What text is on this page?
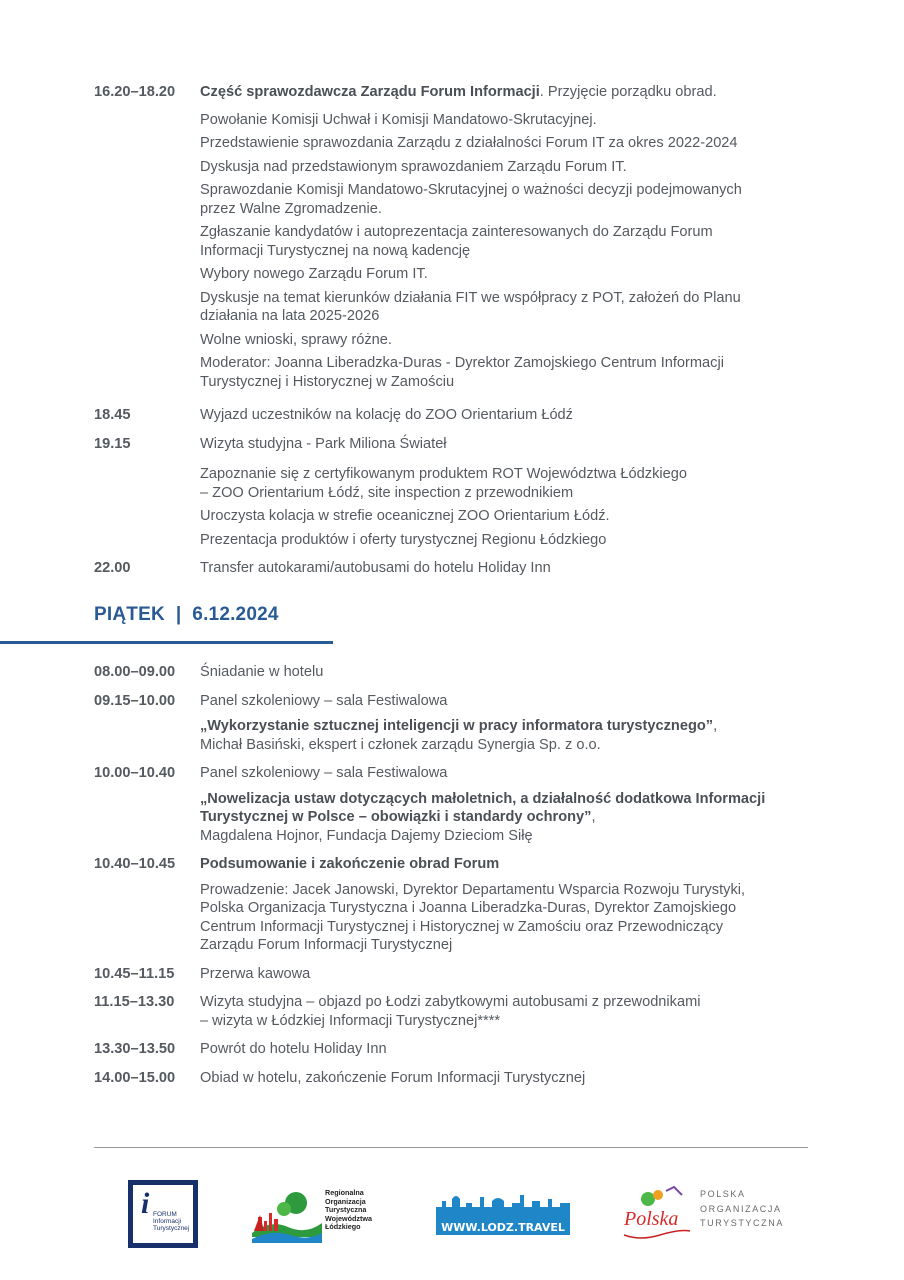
16.20–18.20	Część sprawozdawcza Zarządu Forum Informacji. Przyjęcie porządku obrad.
Powołanie Komisji Uchwał i Komisji Mandatowo-Skrutacyjnej.
Przedstawienie sprawozdania Zarządu z działalności Forum IT za okres 2022-2024
Dyskusja nad przedstawionym sprawozdaniem Zarządu Forum IT.
Sprawozdanie Komisji Mandatowo-Skrutacyjnej o ważności decyzji podejmowanych
przez Walne Zgromadzenie.
Zgłaszanie kandydatów i autoprezentacja zainteresowanych do Zarządu Forum
Informacji Turystycznej na nową kadencję
Wybory nowego Zarządu Forum IT.
Dyskusje na temat kierunków działania FIT we współpracy z POT, założeń do Planu
działania na lata 2025-2026
Wolne wnioski, sprawy różne.
Moderator: Joanna Liberadzka-Duras - Dyrektor Zamojskiego Centrum Informacji
Turystycznej i Historycznej w Zamościu
18.45	Wyjazd uczestników na kolację do ZOO Orientarium Łódź
19.15	Wizyta studyjna - Park Miliona Świateł
Zapoznanie się z certyfikowanym produktem ROT Województwa Łódzkiego
– ZOO Orientarium Łódź, site inspection z przewodnikiem
Uroczysta kolacja w strefie oceanicznej ZOO Orientarium Łódź.
Prezentacja produktów i oferty turystycznej Regionu Łódzkiego
22.00	Transfer autokarami/autobusami do hotelu Holiday Inn
PIĄTEK  |  6.12.2024
08.00–09.00	Śniadanie w hotelu
09.15–10.00	Panel szkoleniowy – sala Festiwalowa
„Wykorzystanie sztucznej inteligencji w pracy informatora turystycznego”,
Michał Basiński, ekspert i członek zarządu Synergia Sp. z o.o.
10.00–10.40	Panel szkoleniowy – sala Festiwalowa
„Nowelizacja ustaw dotyczących małoletnich, a działalność dodatkowa Informacji
Turystycznej w Polsce – obowiązki i standardy ochrony”,
Magdalena Hojnor, Fundacja Dajemy Dzieciom Siłę
10.40–10.45	Podsumowanie i zakończenie obrad Forum
Prowadzenie: Jacek Janowski, Dyrektor Departamentu Wsparcia Rozwoju Turystyki,
Polska Organizacja Turystyczna i Joanna Liberadzka-Duras, Dyrektor Zamojskiego
Centrum Informacji Turystycznej i Historycznej w Zamościu oraz Przewodniczący
Zarządu Forum Informacji Turystycznej
10.45–11.15	Przerwa kawowa
11.15–13.30	Wizyta studyjna – objazd po Łodzi zabytkowymi autobusami z przewodnikami
– wizyta w Łódzkiej Informacji Turystycznej****
13.30–13.50	Powrót do hotelu Holiday Inn
14.00–15.00	Obiad w hotelu, zakończenie Forum Informacji Turystycznej
i FORUM
Informacji
Turystycznej
Regionalna
Organizacja
Turystyczna
Województwa
Łódzkiego	WWW.LODZ.TRAVEL	Polska
POLSKA
ORGANIZACJA
TURYSTYCZNA
